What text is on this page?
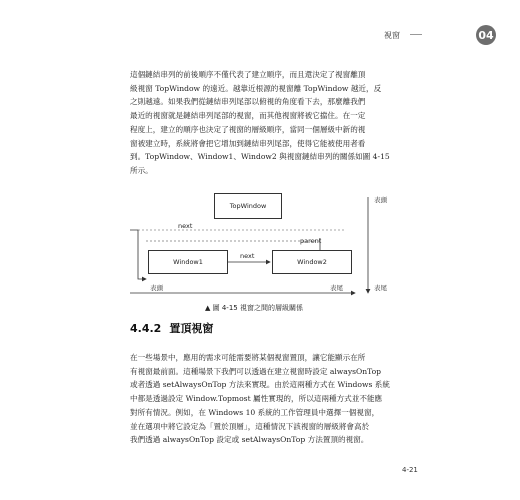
視窗	04
這個鏈結串列的前後順序不僅代表了建立順序，而且還決定了視窗離頂
級視窗 TopWindow 的遠近。越靠近根源的視窗離 TopWindow 越近，反
之則越遠。如果我們從鏈結串列尾部以俯視的角度看下去，那麼離我們
最近的視窗就是鏈結串列尾部的視窗，而其他視窗將被它擋住。在一定
程度上，建立的順序也決定了視窗的層級順序，當同一個層級中新的視
窗被建立時，系統將會把它增加到鏈結串列尾部，使得它能被使用者看
到。TopWindow、Window1、Window2 與視窗鏈結串列的關係如圖 4-15
所示。
TopWindow
Window1	Window2
next
next
parent
表頭	表尾
表頭
表尾
▲ 圖 4-15 視窗之間的層級關係
4.4.2 置頂視窗
在一些場景中，應用的需求可能需要將某個視窗置頂，讓它能顯示在所
有視窗最前面。這種場景下我們可以透過在建立視窗時設定 alwaysOnTop
或者透過 setAlwaysOnTop 方法來實現。由於這兩種方式在 Windows 系統
中都是透過設定 Window.Topmost 屬性實現的，所以這兩種方式並不能應
對所有情況。例如，在 Windows 10 系統的工作管理員中選擇一個視窗，
並在選項中將它設定為「置於頂層」，這種情況下該視窗的層級將會高於
我們透過 alwaysOnTop 設定或 setAlwaysOnTop 方法置頂的視窗。
4-21
